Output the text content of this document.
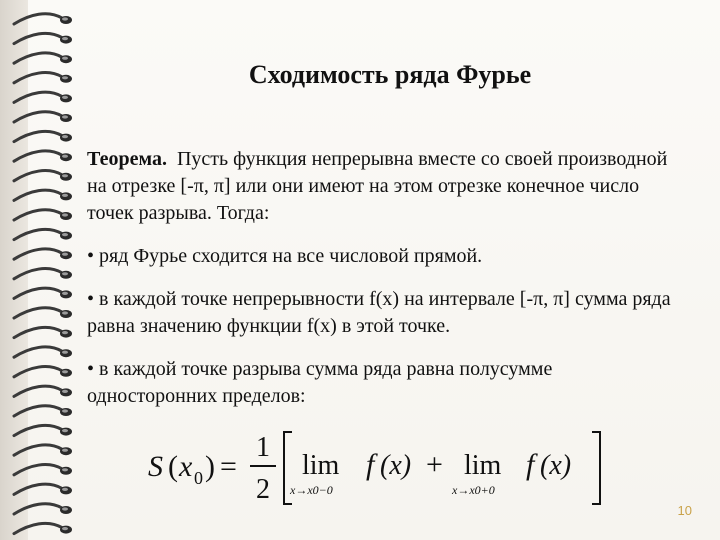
Сходимость ряда Фурье

Теорема. Пусть функция непрерывна вместе со своей производной на отрезке [-π, π] или они имеют на этом отрезке конечное число точек разрыва. Тогда:

• ряд Фурье сходится на все числовой прямой.
• в каждой точке непрерывности f(x) на интервале [-π, π] сумма ряда равна значению функции f(x) в этой точке.
• в каждой точке разрыва сумма ряда равна полусумме односторонних пределов:
S ( x 0 ) =
1
2
lim
x→x0−0
f (x) + lim
x→x0+0
f (x)
10
